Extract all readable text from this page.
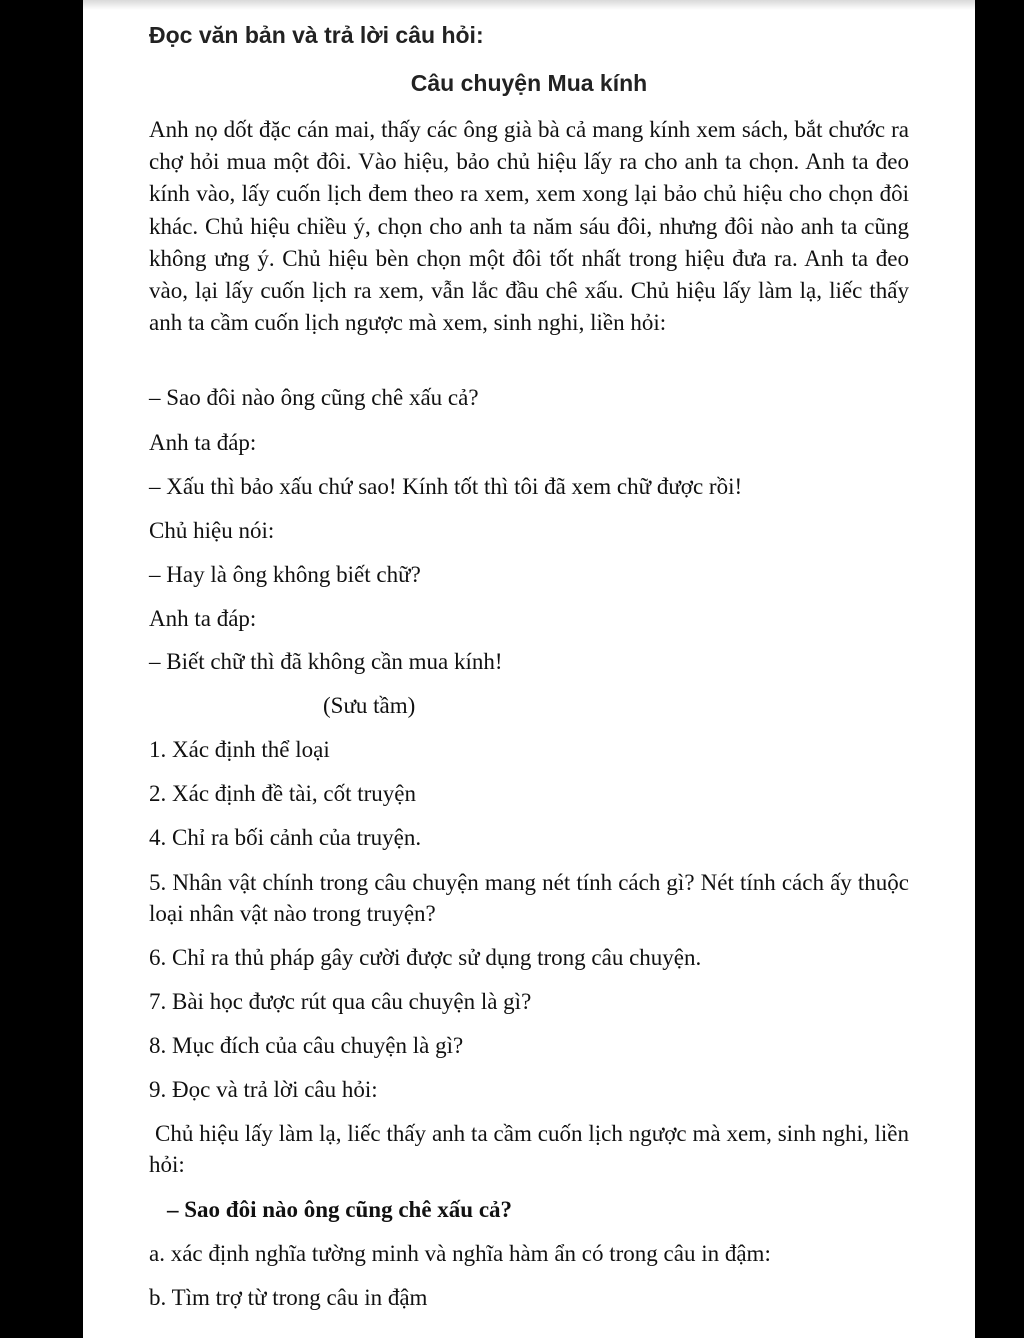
Đọc văn bản và trả lời câu hỏi:
Câu chuyện Mua kính

Anh nọ dốt đặc cán mai, thấy các ông già bà cả mang kính xem sách, bắt chước ra chợ hỏi mua một đôi. Vào hiệu, bảo chủ hiệu lấy ra cho anh ta chọn. Anh ta đeo kính vào, lấy cuốn lịch đem theo ra xem, xem xong lại bảo chủ hiệu cho chọn đôi khác. Chủ hiệu chiều ý, chọn cho anh ta năm sáu đôi, nhưng đôi nào anh ta cũng không ưng ý. Chủ hiệu bèn chọn một đôi tốt nhất trong hiệu đưa ra. Anh ta đeo vào, lại lấy cuốn lịch ra xem, vẫn lắc đầu chê xấu. Chủ hiệu lấy làm lạ, liếc thấy anh ta cầm cuốn lịch ngược mà xem, sinh nghi, liền hỏi:

– Sao đôi nào ông cũng chê xấu cả?

Anh ta đáp:

– Xấu thì bảo xấu chứ sao! Kính tốt thì tôi đã xem chữ được rồi!

Chủ hiệu nói:

– Hay là ông không biết chữ?

Anh ta đáp:

– Biết chữ thì đã không cần mua kính!

(Sưu tầm)

1. Xác định thể loại

2. Xác định đề tài, cốt truyện

4. Chỉ ra bối cảnh của truyện.

5. Nhân vật chính trong câu chuyện mang nét tính cách gì? Nét tính cách ấy thuộc loại nhân vật nào trong truyện?

6. Chỉ ra thủ pháp gây cười được sử dụng trong câu chuyện.

7. Bài học được rút qua câu chuyện là gì?

8. Mục đích của câu chuyện là gì?

9. Đọc và trả lời câu hỏi:

Chủ hiệu lấy làm lạ, liếc thấy anh ta cầm cuốn lịch ngược mà xem, sinh nghi, liền hỏi:

– Sao đôi nào ông cũng chê xấu cả?

a. xác định nghĩa tường minh và nghĩa hàm ẩn có trong câu in đậm:

b. Tìm trợ từ trong câu in đậm
